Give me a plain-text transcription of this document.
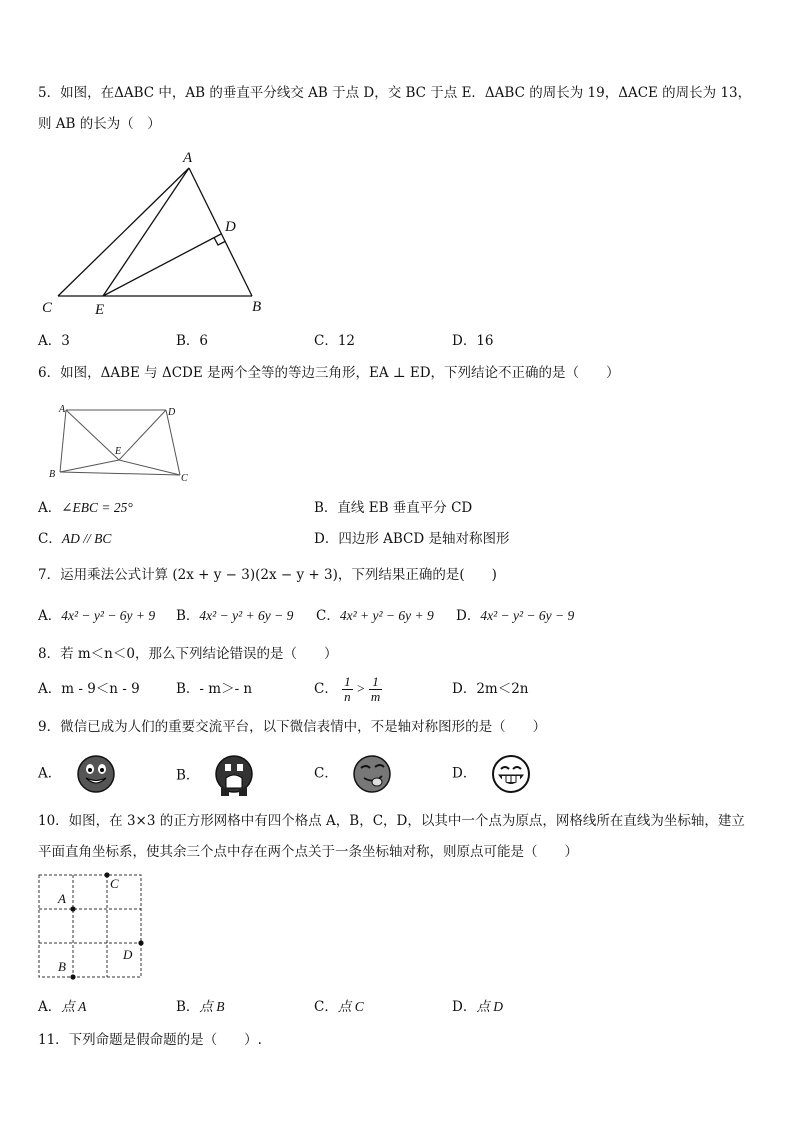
5．如图，在ΔABC 中，AB 的垂直平分线交 AB 于点 D，交 BC 于点 E．ΔABC 的周长为 19，ΔACE 的周长为 13，
则 AB 的长为（　）
A
D
C	E	B
A．3	B．6	C．12	D．16
6．如图，ΔABE 与 ΔCDE 是两个全等的等边三角形，EA ⊥ ED，下列结论不正确的是（　　）
A	D
E
B	C
A．∠EBC = 25°	B．直线 EB 垂直平分 CD
C．AD // BC	D．四边形 ABCD 是轴对称图形
7．运用乘法公式计算 (2x + y − 3)(2x − y + 3)，下列结果正确的是(　　)
A．4x² − y² − 6y + 9 B．4x² − y² + 6y − 9 C．4x² + y² − 6y + 9 D．4x² − y² − 6y − 9
8．若 m＜n＜0，那么下列结论错误的是（　　）
A．m - 9＜n - 9	B．- m＞- n	C． $\frac{1}{n} > \frac{1}{m}$	D．2m＜2n
9．微信已成为人们的重要交流平台，以下微信表情中，不是轴对称图形的是（　　）
A．	B．	C．	D．
10．如图，在 3×3 的正方形网格中有四个格点 A，B，C，D，以其中一个点为原点，网格线所在直线为坐标轴，建立
平面直角坐标系，使其余三个点中存在两个点关于一条坐标轴对称，则原点可能是（　　）
C
A
D
B
A．点 A	B．点 B	C．点 C	D．点 D
11．下列命题是假命题的是（　　）.
